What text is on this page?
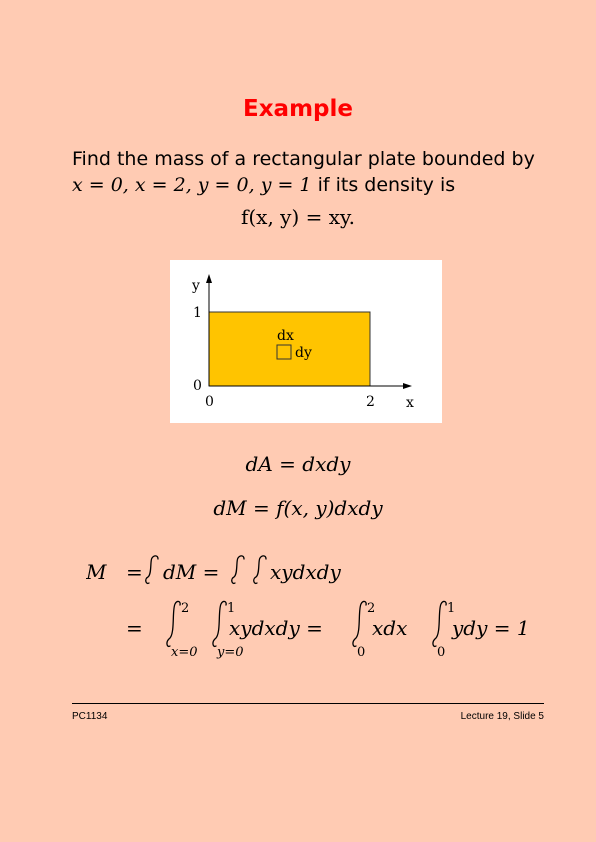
Example
Find the mass of a rectangular plate bounded by
x = 0, x = 2, y = 0, y = 1 if its density is
f(x, y) = xy.
y
x
1
0
0	2
dx
dy
dA = dxdy
dM = f(x, y)dxdy
M = dM =	xydxdy
=	xydxdy = xdx ydy = 1
2
x=0
1
y=0
2
0
1
0
PC1134	Lecture 19, Slide 5
